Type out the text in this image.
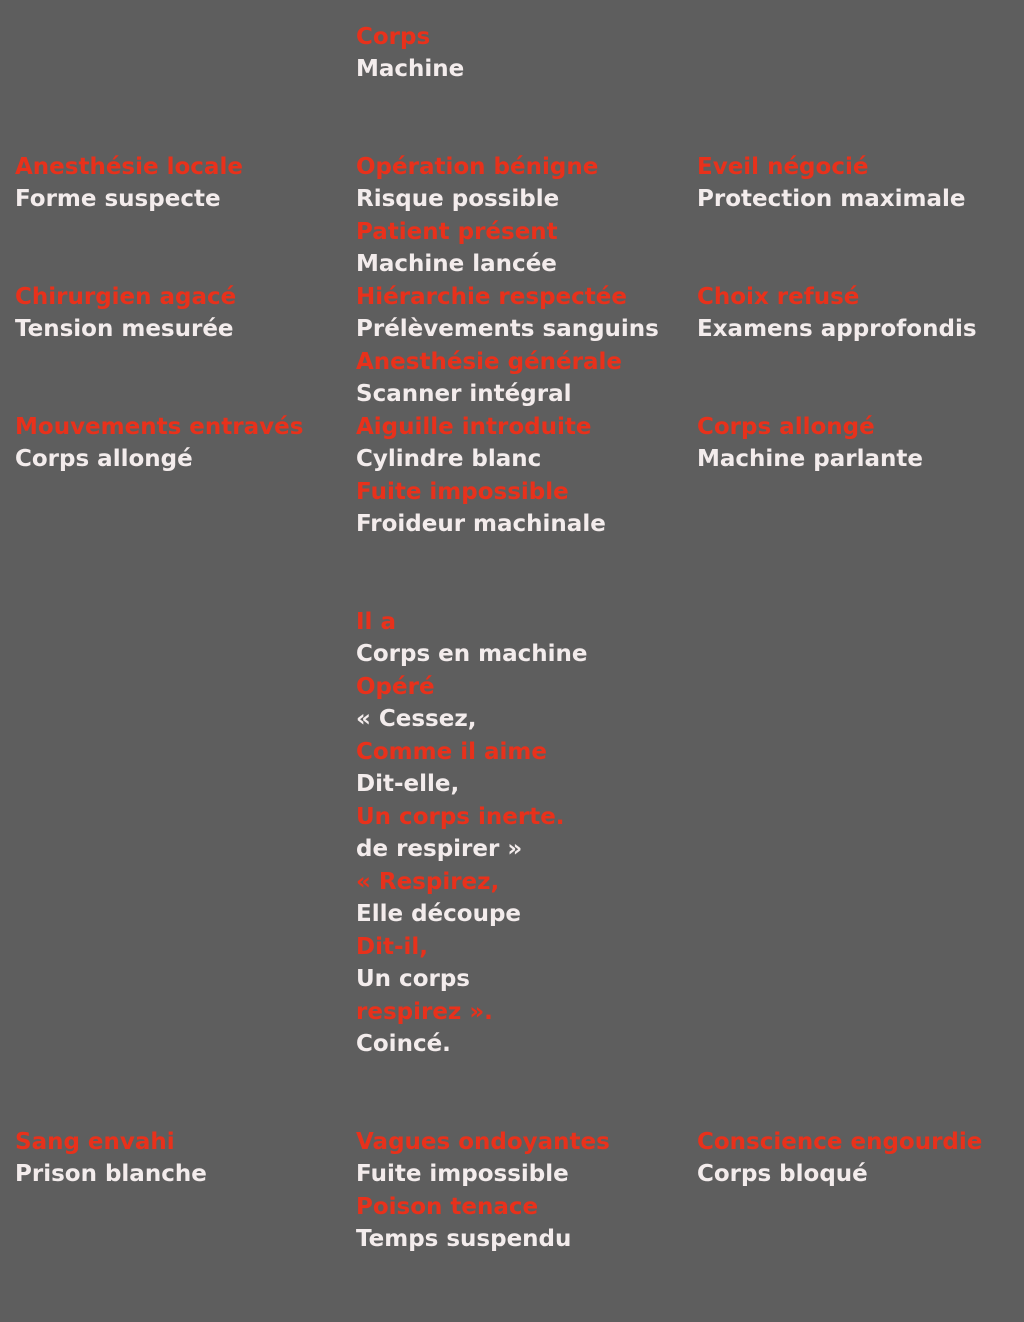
Corps
Machine
Anesthésie locale
Forme suspecte
Chirurgien agacé
Tension mesurée
Mouvements entravés
Corps allongé
Opération bénigne
Risque possible
Patient présent
Machine lancée
Hiérarchie respectée
Prélèvements sanguins
Anesthésie générale
Scanner intégral
Aiguille introduite
Cylindre blanc
Fuite impossible
Froideur machinale
Eveil négocié
Protection maximale
Choix refusé
Examens approfondis
Corps allongé
Machine parlante
Il a
Corps en machine
Opéré
« Cessez,
Comme il aime
Dit-elle,
Un corps inerte.
de respirer »
« Respirez,
Elle découpe
Dit-il,
Un corps
respirez ».
Coincé.
Sang envahi
Prison blanche
Vagues ondoyantes
Fuite impossible
Poison tenace
Temps suspendu
Conscience engourdie
Corps bloqué
